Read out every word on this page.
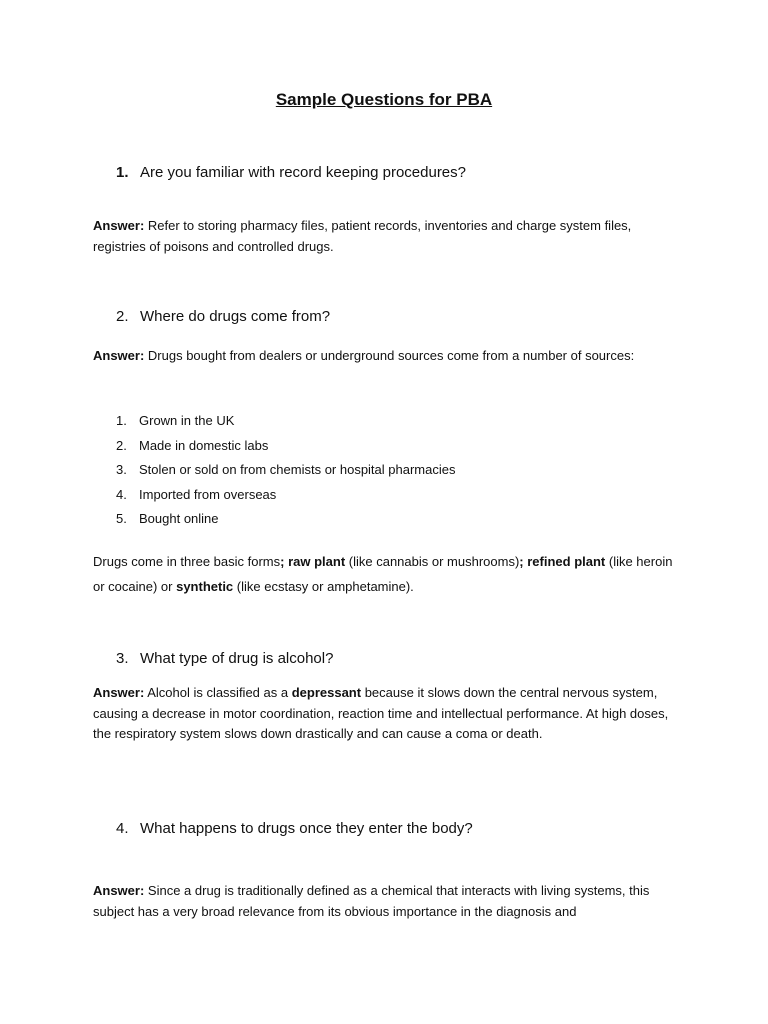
Sample Questions for PBA
1. Are you familiar with record keeping procedures?
Answer: Refer to storing pharmacy files, patient records, inventories and charge system files, registries of poisons and controlled drugs.
2. Where do drugs come from?
Answer: Drugs bought from dealers or underground sources come from a number of sources:
1. Grown in the UK
2. Made in domestic labs
3. Stolen or sold on from chemists or hospital pharmacies
4. Imported from overseas
5. Bought online
Drugs come in three basic forms; raw plant (like cannabis or mushrooms); refined plant (like heroin or cocaine) or synthetic (like ecstasy or amphetamine).
3. What type of drug is alcohol?
Answer: Alcohol is classified as a depressant because it slows down the central nervous system, causing a decrease in motor coordination, reaction time and intellectual performance. At high doses, the respiratory system slows down drastically and can cause a coma or death.
4. What happens to drugs once they enter the body?
Answer: Since a drug is traditionally defined as a chemical that interacts with living systems, this subject has a very broad relevance from its obvious importance in the diagnosis and
